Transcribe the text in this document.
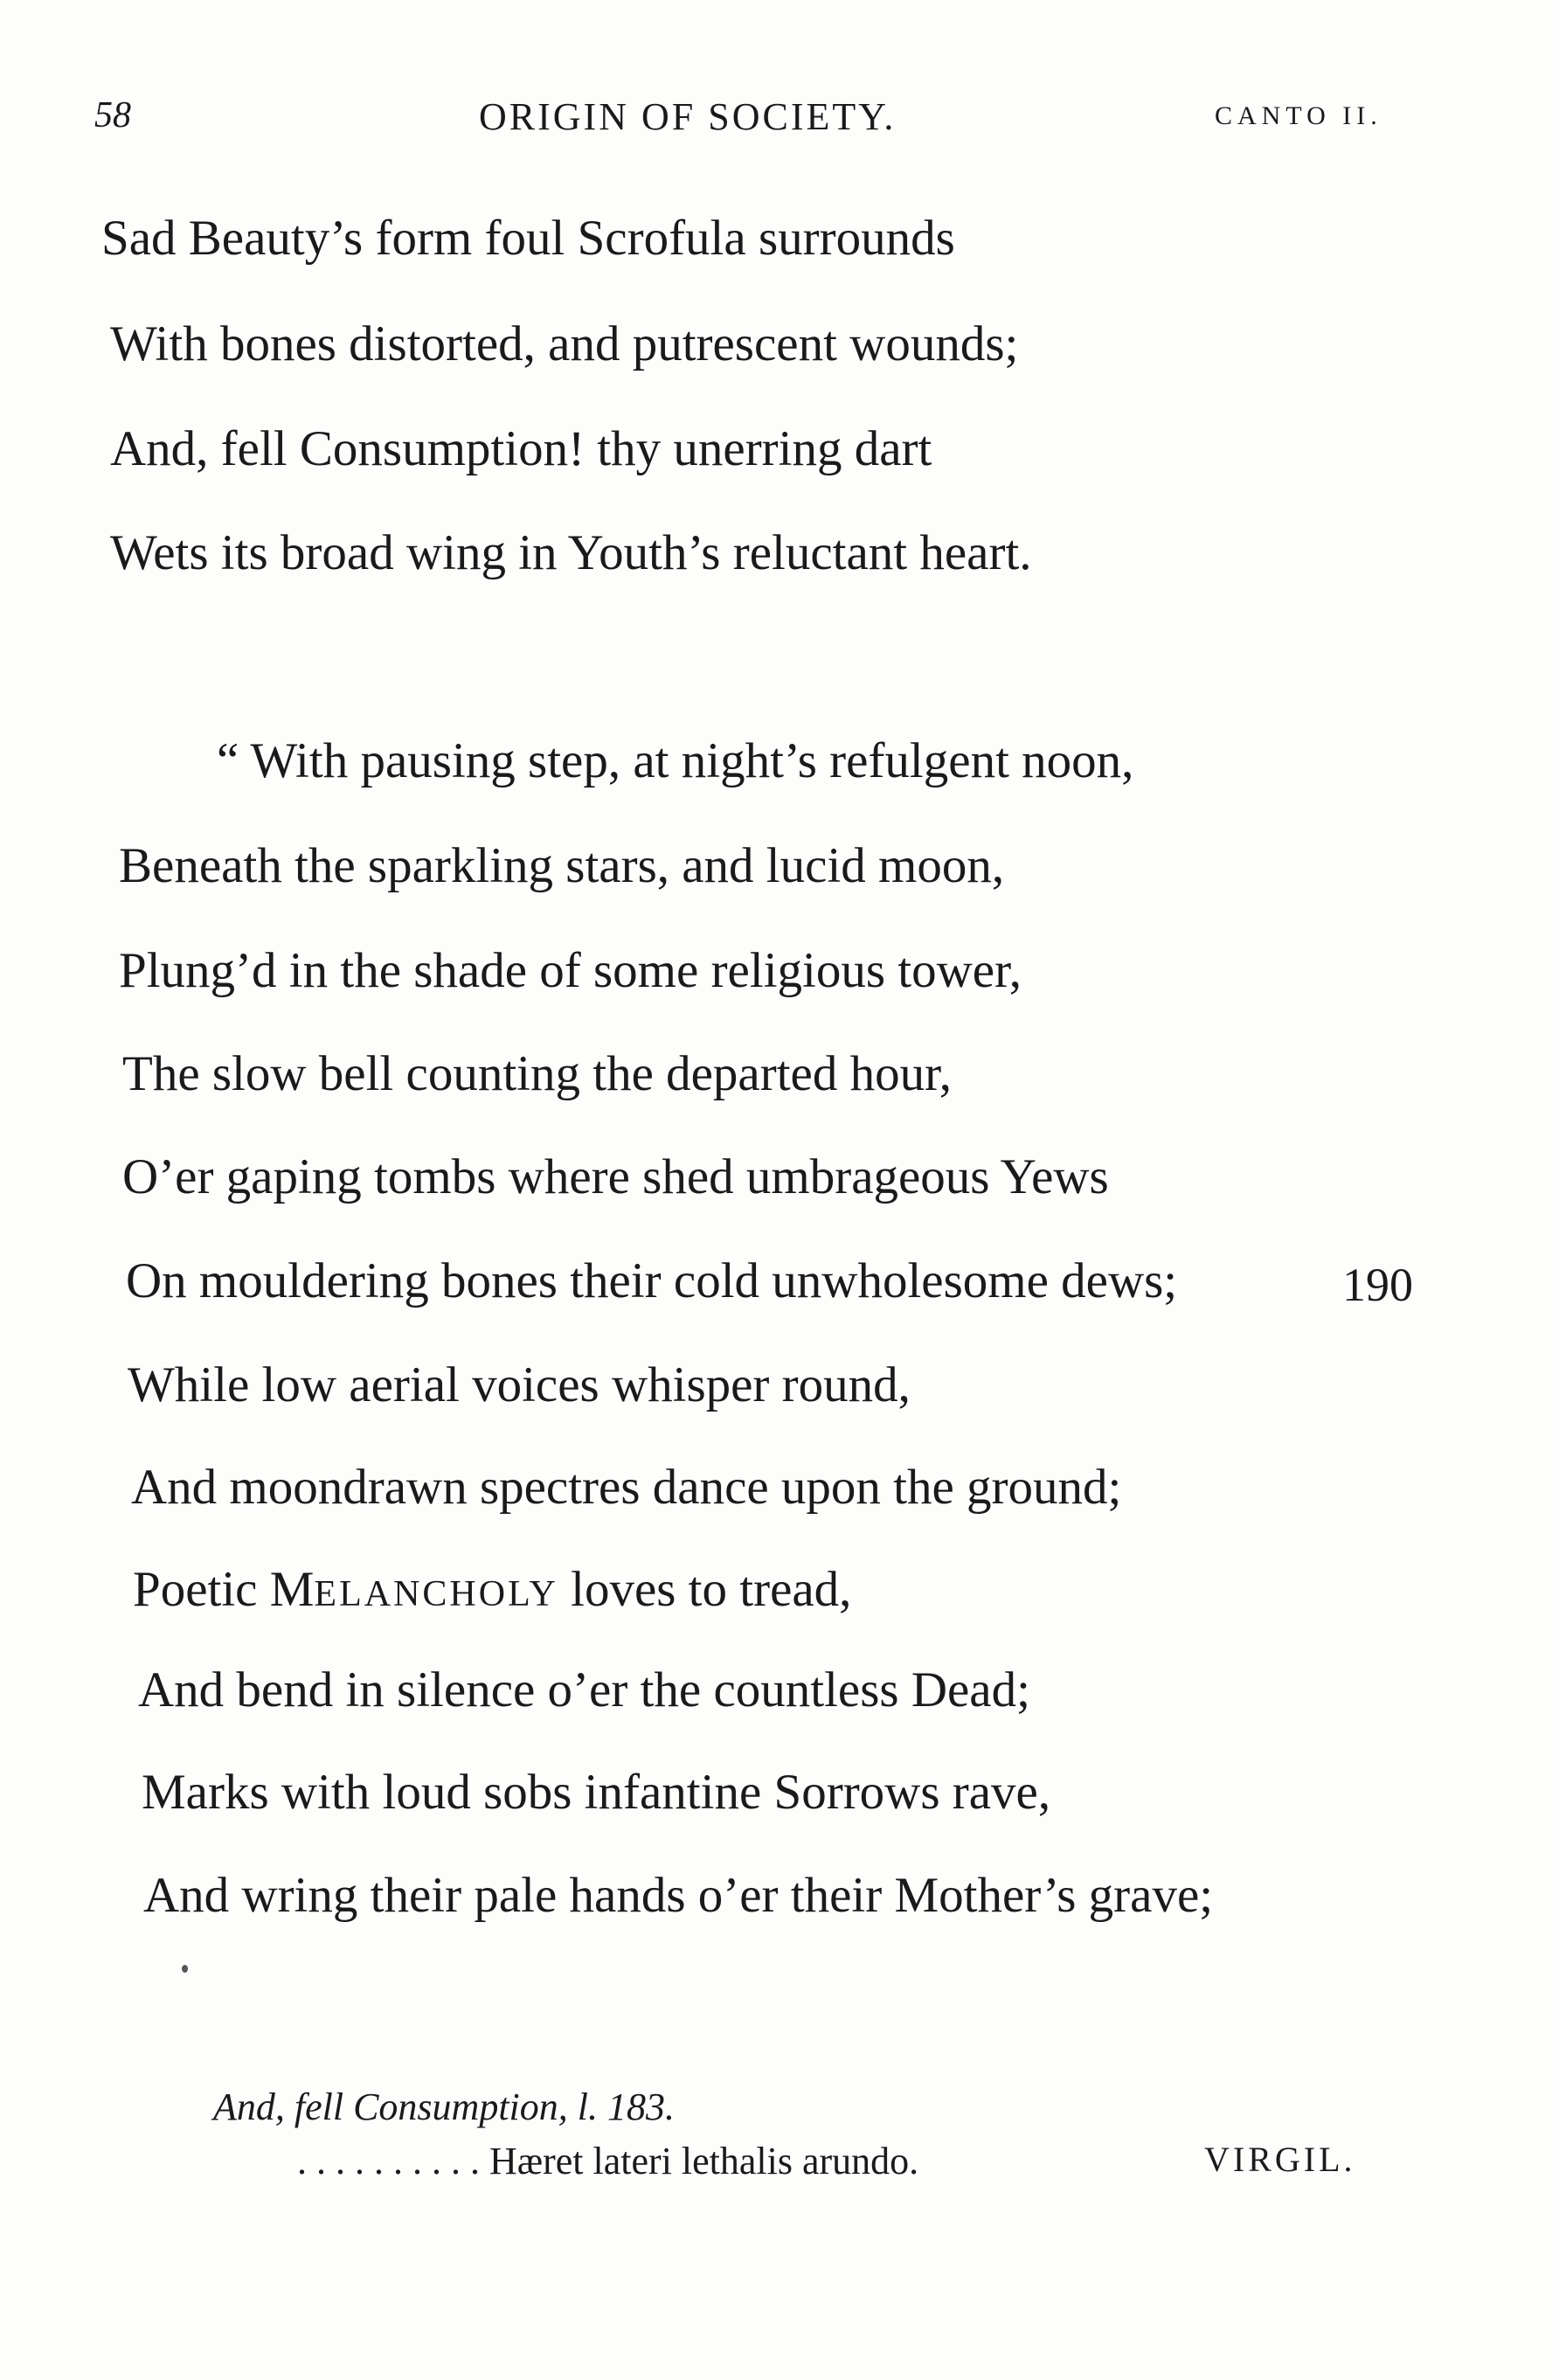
58	ORIGIN OF SOCIETY.	CANTO II.
Sad Beauty’s form foul Scrofula surrounds
With bones distorted, and putrescent wounds;
And, fell Consumption! thy unerring dart
Wets its broad wing in Youth’s reluctant heart.
“ With pausing step, at night’s refulgent noon,
Beneath the sparkling stars, and lucid moon,
Plung’d in the shade of some religious tower,
The slow bell counting the departed hour,
O’er gaping tombs where shed umbrageous Yews
On mouldering bones their cold unwholesome dews;	190
While low aerial voices whisper round,
And moondrawn spectres dance upon the ground;
Poetic MELANCHOLY loves to tread,
And bend in silence o’er the countless Dead;
Marks with loud sobs infantine Sorrows rave,
And wring their pale hands o’er their Mother’s grave;
And, fell Consumption, l. 183.
. . . . . . . . . . Hæret lateri lethalis arundo.	VIRGIL.
